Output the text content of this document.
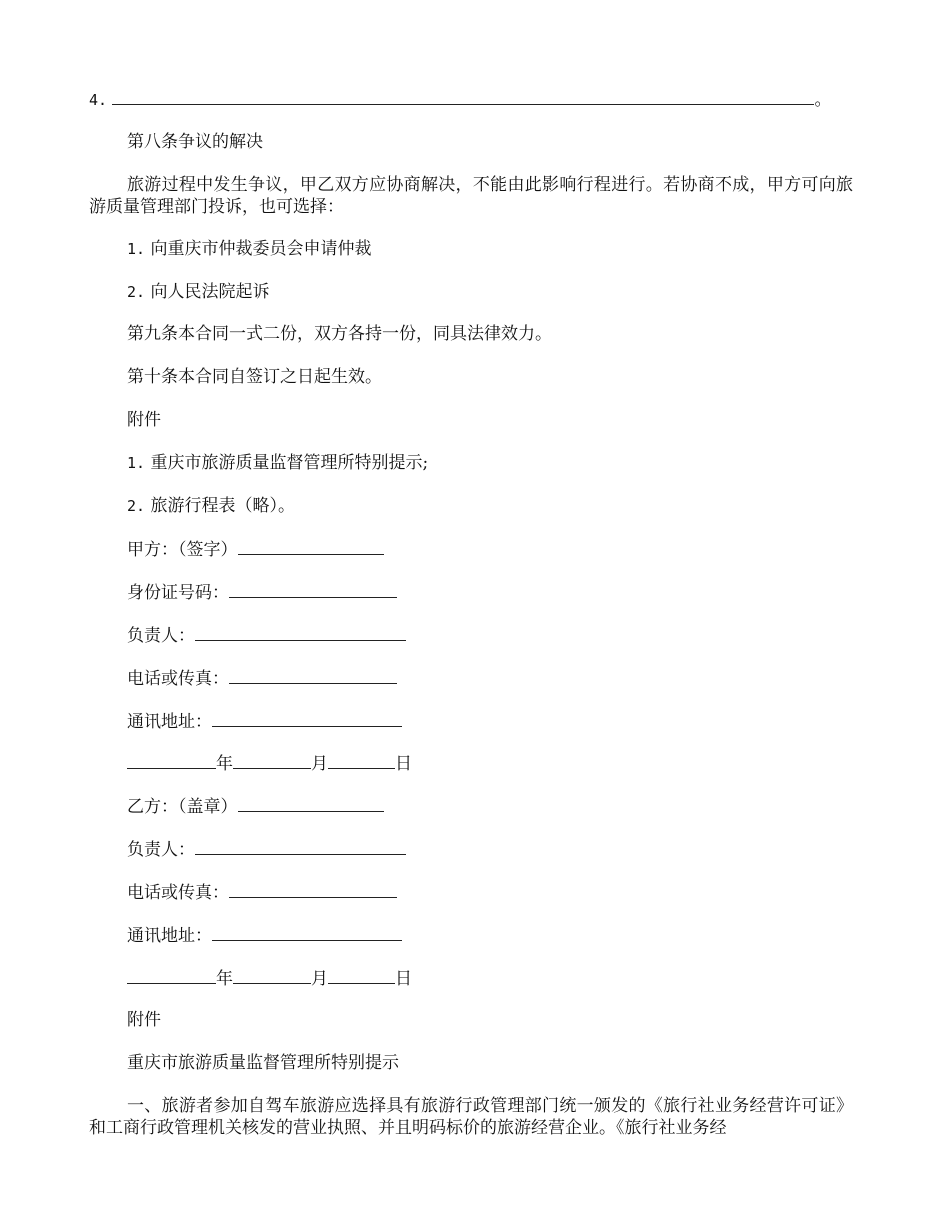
4.	。
第八条争议的解决
旅游过程中发生争议，甲乙双方应协商解决，不能由此影响行程进行。若协商不成，甲方可向旅游质量管理部门投诉，也可选择：
1. 向重庆市仲裁委员会申请仲裁
2. 向人民法院起诉
第九条本合同一式二份，双方各持一份，同具法律效力。
第十条本合同自签订之日起生效。
附件
1. 重庆市旅游质量监督管理所特别提示;
2. 旅游行程表（略）。
甲方：（签字）
身份证号码：
负责人：
电话或传真：
通讯地址：
年	月	日
乙方：（盖章）
负责人：
电话或传真：
通讯地址：
年	月	日
附件
重庆市旅游质量监督管理所特别提示
一、旅游者参加自驾车旅游应选择具有旅游行政管理部门统一颁发的《旅行社业务经营许可证》和工商行政管理机关核发的营业执照、并且明码标价的旅游经营企业。《旅行社业务经
